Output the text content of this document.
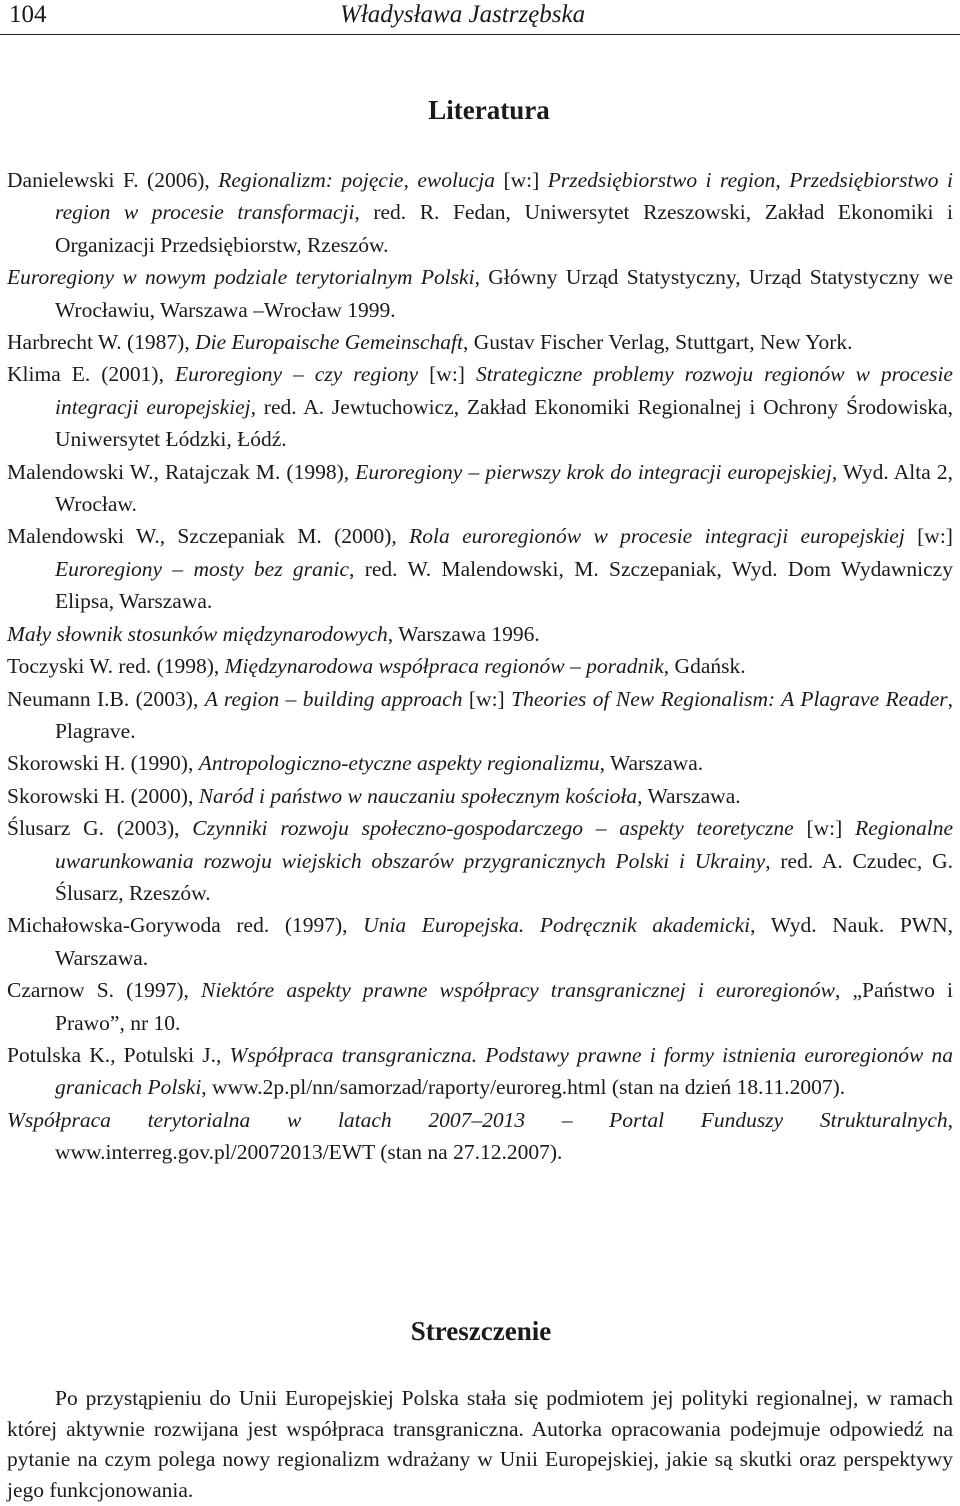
104	Władysława Jastrzębska
Literatura
Danielewski F. (2006), Regionalizm: pojęcie, ewolucja [w:] Przedsiębiorstwo i region, Przedsiębiorstwo i region w procesie transformacji, red. R. Fedan, Uniwersytet Rzeszowski, Zakład Ekonomiki i Organizacji Przedsiębiorstw, Rzeszów.
Euroregiony w nowym podziale terytorialnym Polski, Główny Urząd Statystyczny, Urząd Statystyczny we Wrocławiu, Warszawa –Wrocław 1999.
Harbrecht W. (1987), Die Europaische Gemeinschaft, Gustav Fischer Verlag, Stuttgart, New York.
Klima E. (2001), Euroregiony – czy regiony [w:] Strategiczne problemy rozwoju regionów w procesie integracji europejskiej, red. A. Jewtuchowicz, Zakład Ekonomiki Regionalnej i Ochrony Środowiska, Uniwersytet Łódzki, Łódź.
Malendowski W., Ratajczak M. (1998), Euroregiony – pierwszy krok do integracji europejskiej, Wyd. Alta 2, Wrocław.
Malendowski W., Szczepaniak M. (2000), Rola euroregionów w procesie integracji europejskiej [w:] Euroregiony – mosty bez granic, red. W. Malendowski, M. Szczepaniak, Wyd. Dom Wydawniczy Elipsa, Warszawa.
Mały słownik stosunków międzynarodowych, Warszawa 1996.
Toczyski W. red. (1998), Międzynarodowa współpraca regionów – poradnik, Gdańsk.
Neumann I.B. (2003), A region – building approach [w:] Theories of New Regionalism: A Plagrave Reader, Plagrave.
Skorowski H. (1990), Antropologiczno-etyczne aspekty regionalizmu, Warszawa.
Skorowski H. (2000), Naród i państwo w nauczaniu społecznym kościoła, Warszawa.
Ślusarz G. (2003), Czynniki rozwoju społeczno-gospodarczego – aspekty teoretyczne [w:] Regionalne uwarunkowania rozwoju wiejskich obszarów przygranicznych Polski i Ukrainy, red. A. Czudec, G. Ślusarz, Rzeszów.
Michałowska-Gorywoda red. (1997), Unia Europejska. Podręcznik akademicki, Wyd. Nauk. PWN, Warszawa.
Czarnow S. (1997), Niektóre aspekty prawne współpracy transgranicznej i euroregionów, „Państwo i Prawo”, nr 10.
Potulska K., Potulski J., Współpraca transgraniczna. Podstawy prawne i formy istnienia euroregionów na granicach Polski, www.2p.pl/nn/samorzad/raporty/euroreg.html (stan na dzień 18.11.2007).
Współpraca terytorialna w latach 2007–2013 – Portal Funduszy Strukturalnych, www.interreg.gov.pl/20072013/EWT (stan na 27.12.2007).
Streszczenie

Po przystąpieniu do Unii Europejskiej Polska stała się podmiotem jej polityki regionalnej, w ramach której aktywnie rozwijana jest współpraca transgraniczna. Autorka opracowania podejmuje odpowiedź na pytanie na czym polega nowy regionalizm wdrażany w Unii Europejskiej, jakie są skutki oraz perspektywy jego funkcjonowania.
